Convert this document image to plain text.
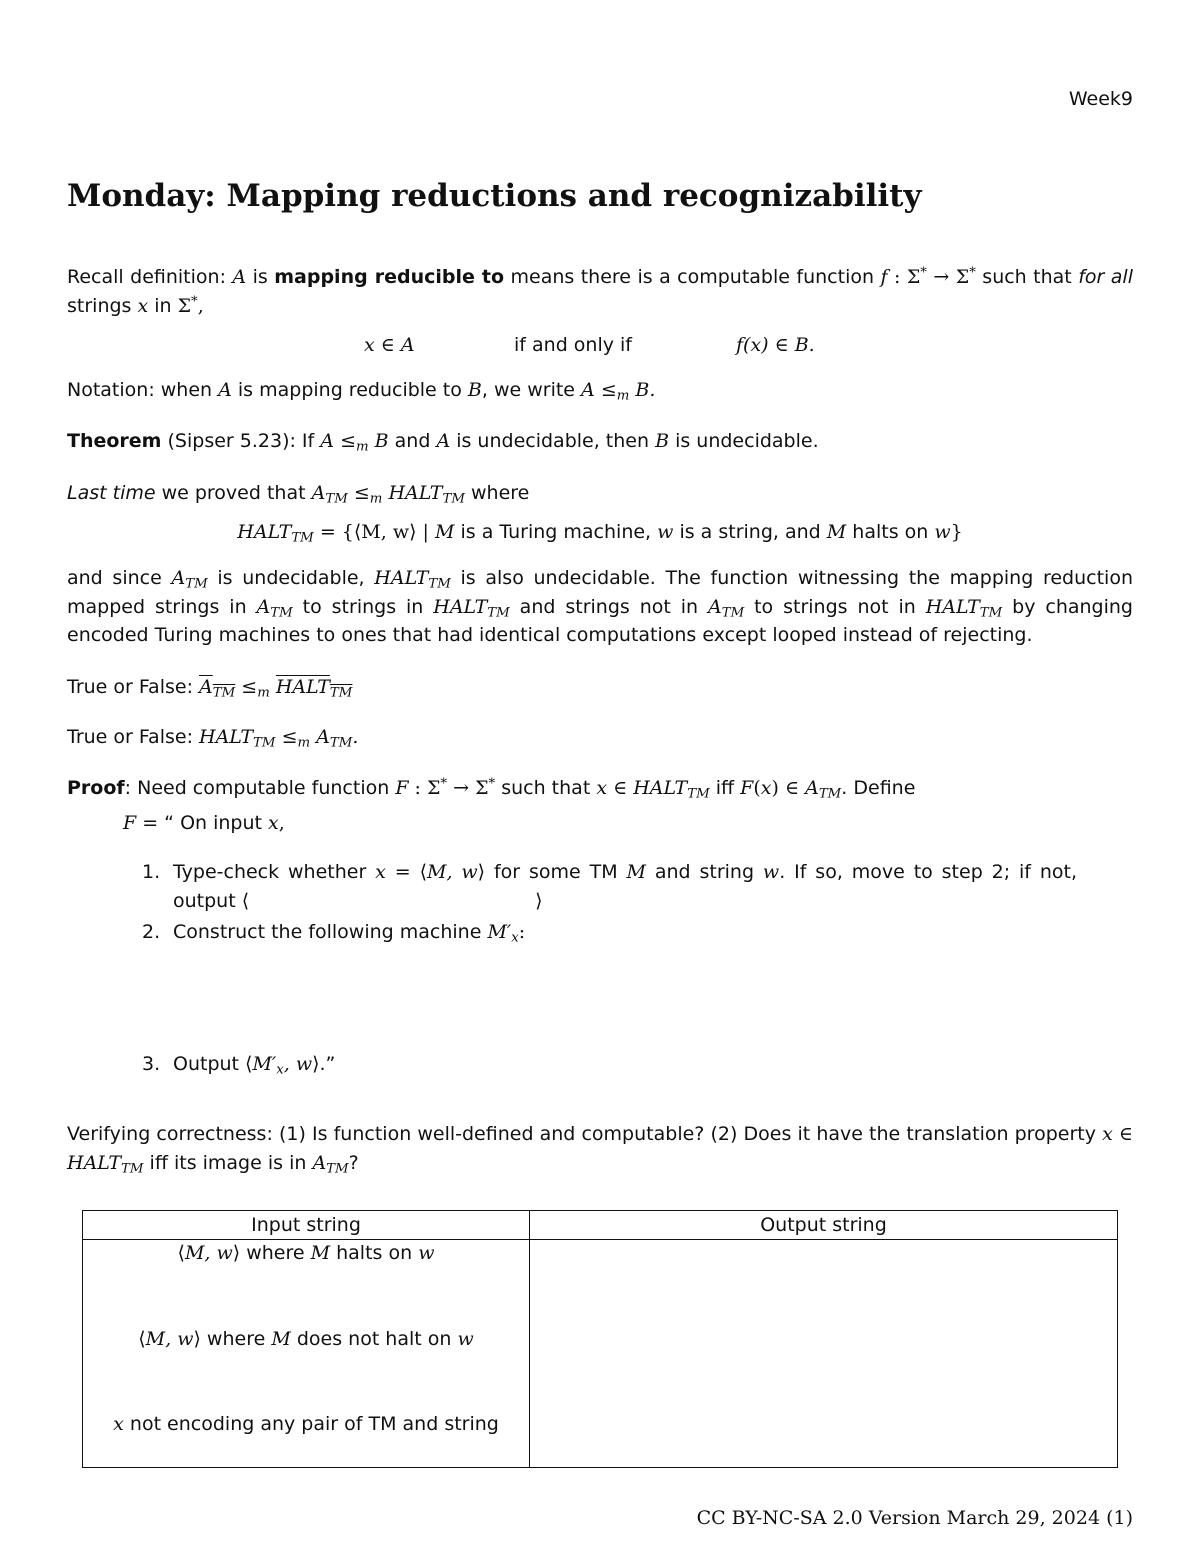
Week9
Monday: Mapping reductions and recognizability
Recall definition: A is mapping reducible to means there is a computable function f : Σ* → Σ* such that for all strings x in Σ*,
x ∈ A	if and only if	f(x) ∈ B.
Notation: when A is mapping reducible to B, we write $A \le_m$ B.
Theorem (Sipser 5.23): If $A \le_m$ B and A is undecidable, then B is undecidable.
Last time we proved that $A_{TM} \le_m$ $HALT_{TM}$ where
$HALT_{TM}$ = {⟨M, w⟩ | M is a Turing machine, w is a string, and M halts on w}
and since $A_{TM}$ is undecidable, $HALT_{TM}$ is also undecidable. The function witnessing the mapping reduction mapped strings in $A_{TM}$ to strings in $HALT_{TM}$ and strings not in $A_{TM}$ to strings not in $HALT_{TM}$ by changing encoded Turing machines to ones that had identical computations except looped instead of rejecting.
True or False: $A_{TM} \le_m$ $HALT_{TM}$
True or False: $HALT_{TM} \le_m$ $A_{TM}$.
Proof: Need computable function F : Σ* → Σ* such that x ∈ $HALT_{TM}$ iff F(x) ∈ $A_{TM}$. Define
F = “ On input x,
1. Type-check whether x = ⟨M, w⟩ for some TM M and string w. If so, move to step 2; if not, output ⟨	⟩
2. Construct the following machine $M'_x$:
3. Output $⟨M'_x$, w⟩.”
Verifying correctness: (1) Is function well-defined and computable? (2) Does it have the translation property x ∈ $HALT_{TM}$ iff its image is in $A_{TM}$?
Input string	Output string

⟨M, w⟩ where M halts on w
⟨M, w⟩ where M does not halt on w
x not encoding any pair of TM and string	

CC BY-NC-SA 2.0 Version March 29, 2024 (1)
